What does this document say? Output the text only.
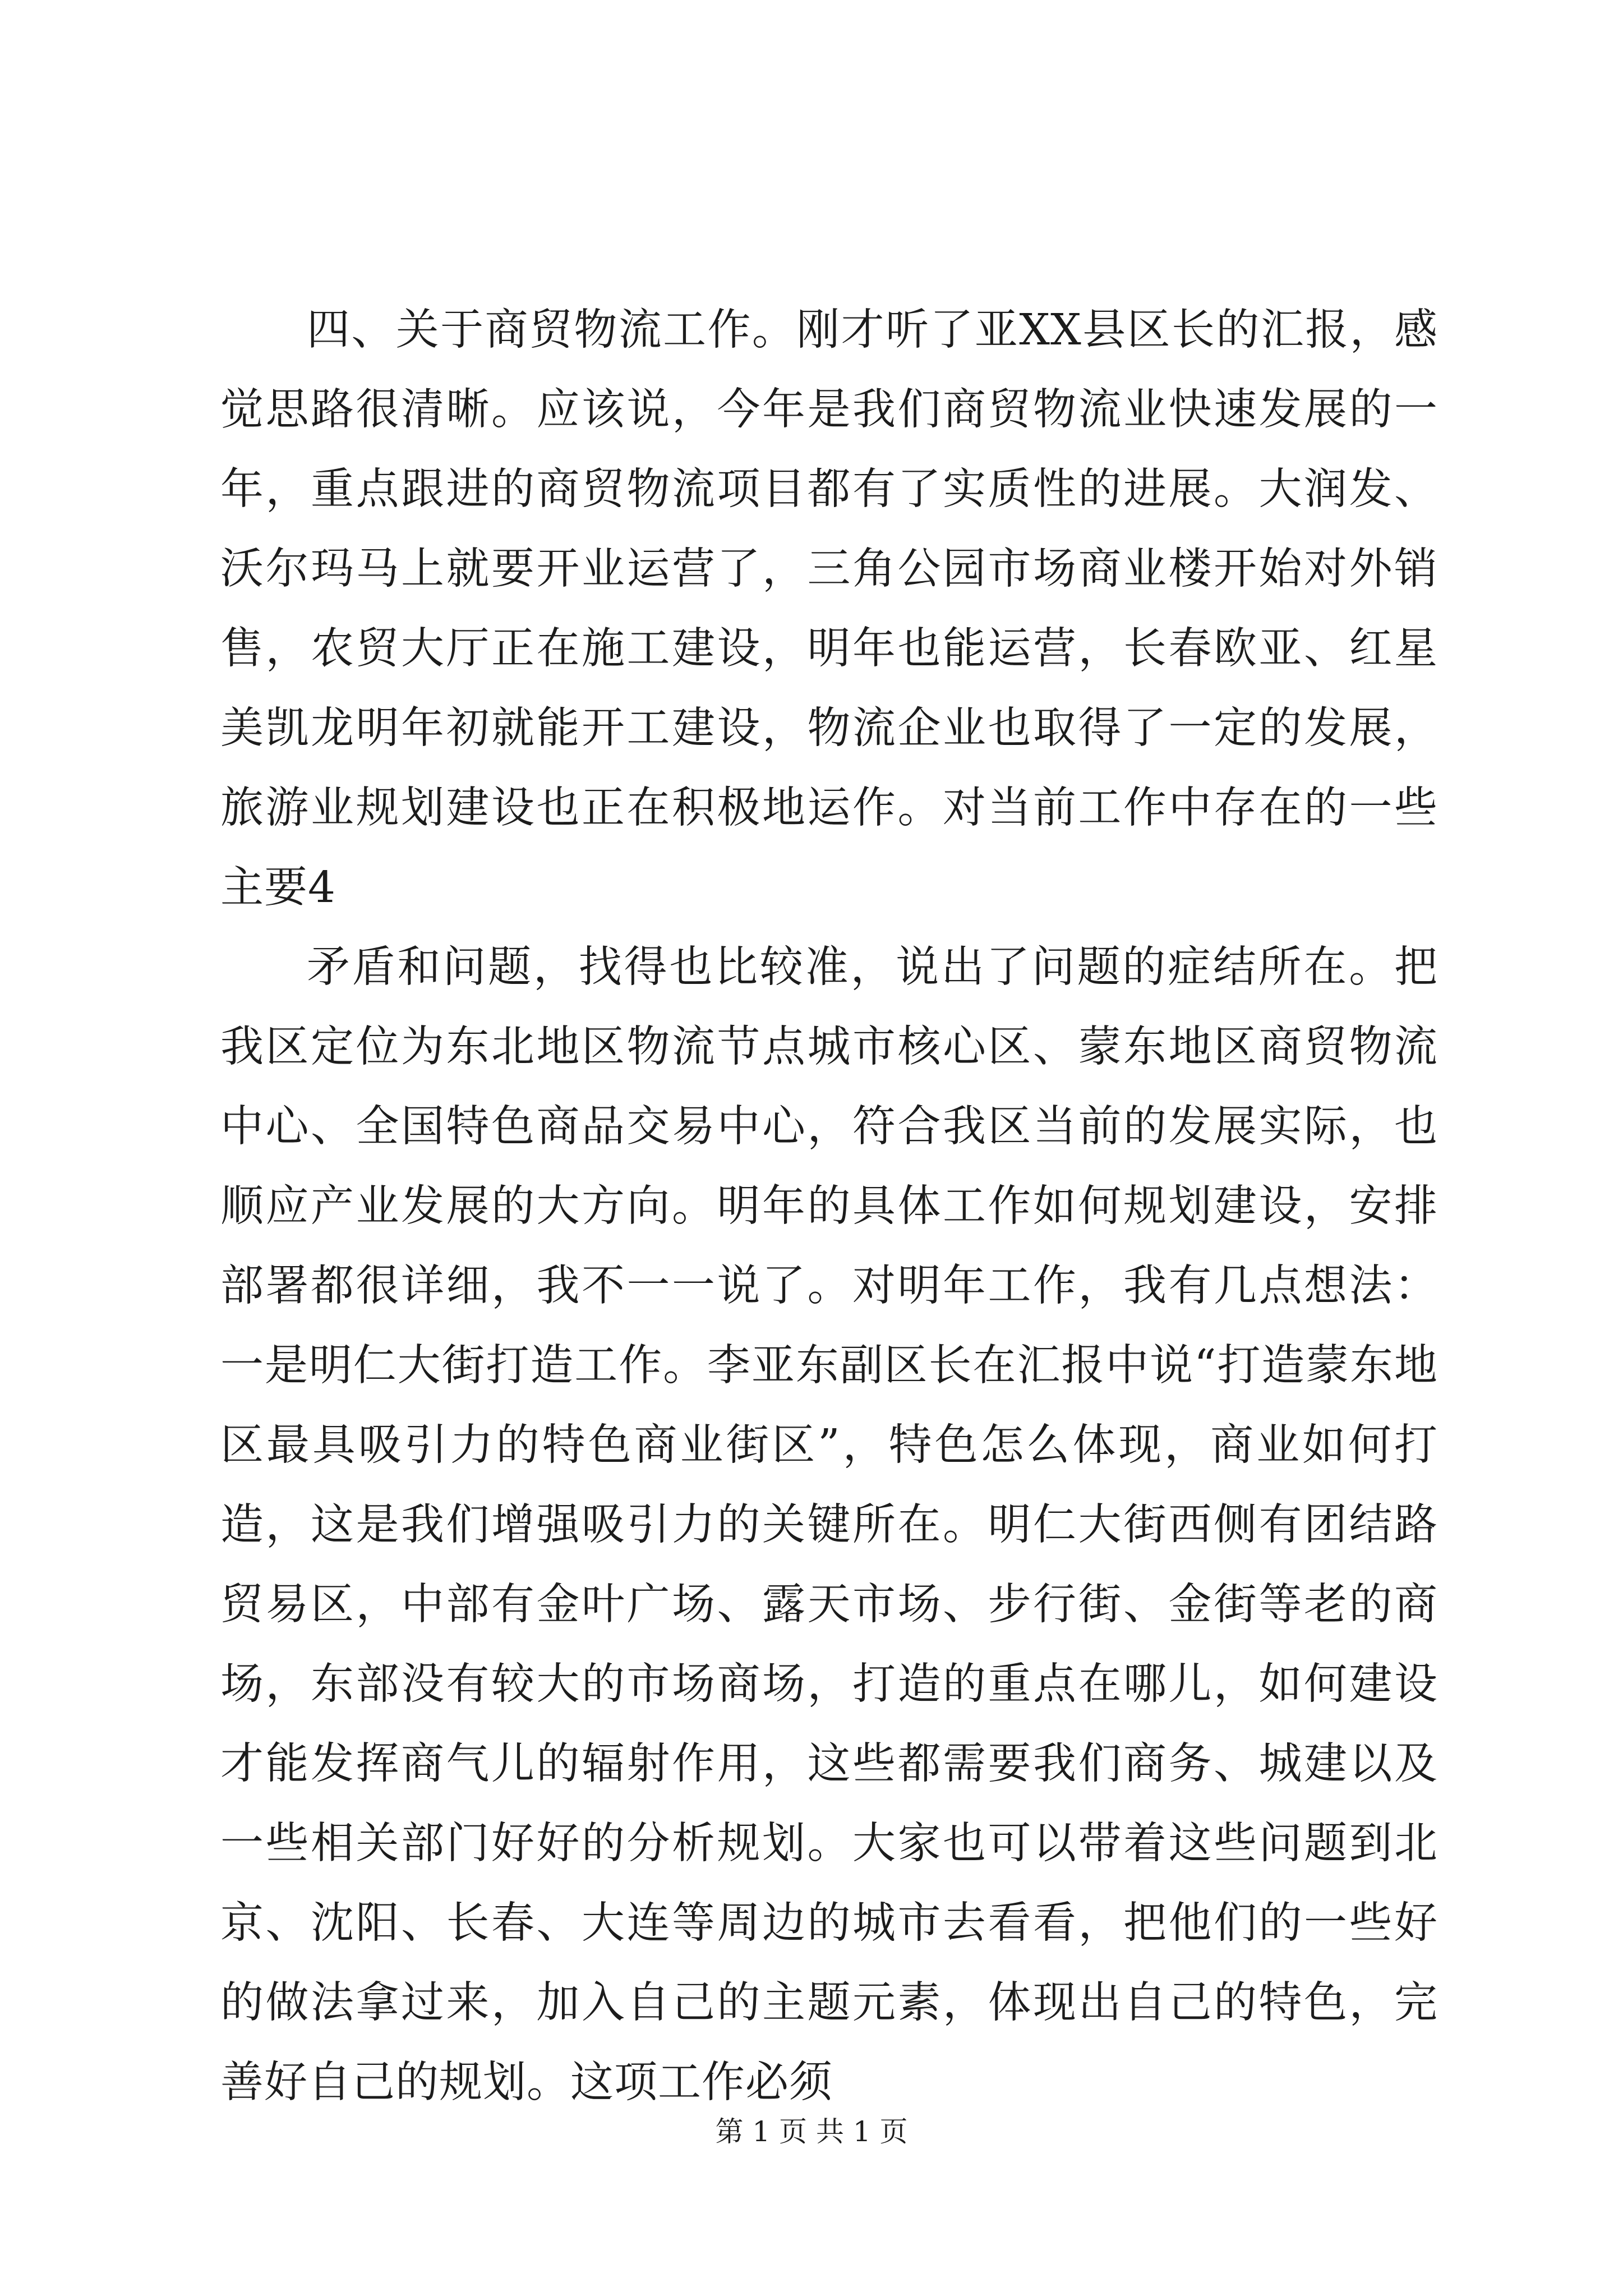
四、关于商贸物流工作。刚才听了亚XX县区长的汇报，感觉思路很清晰。应该说，今年是我们商贸物流业快速发展的一年，重点跟进的商贸物流项目都有了实质性的进展。大润发、沃尔玛马上就要开业运营了，三角公园市场商业楼开始对外销售，农贸大厅正在施工建设，明年也能运营，长春欧亚、红星美凯龙明年初就能开工建设，物流企业也取得了一定的发展，旅游业规划建设也正在积极地运作。对当前工作中存在的一些主要4

矛盾和问题，找得也比较准，说出了问题的症结所在。把我区定位为东北地区物流节点城市核心区、蒙东地区商贸物流中心、全国特色商品交易中心，符合我区当前的发展实际，也顺应产业发展的大方向。明年的具体工作如何规划建设，安排部署都很详细，我不一一说了。对明年工作，我有几点想法：一是明仁大街打造工作。李亚东副区长在汇报中说“打造蒙东地区最具吸引力的特色商业街区”，特色怎么体现，商业如何打造，这是我们增强吸引力的关键所在。明仁大街西侧有团结路贸易区，中部有金叶广场、露天市场、步行街、金街等老的商场，东部没有较大的市场商场，打造的重点在哪儿，如何建设才能发挥商气儿的辐射作用，这些都需要我们商务、城建以及一些相关部门好好的分析规划。大家也可以带着这些问题到北京、沈阳、长春、大连等周边的城市去看看，把他们的一些好的做法拿过来，加入自己的主题元素，体现出自己的特色，完善好自己的规划。这项工作必须

第 1 页 共 1 页
